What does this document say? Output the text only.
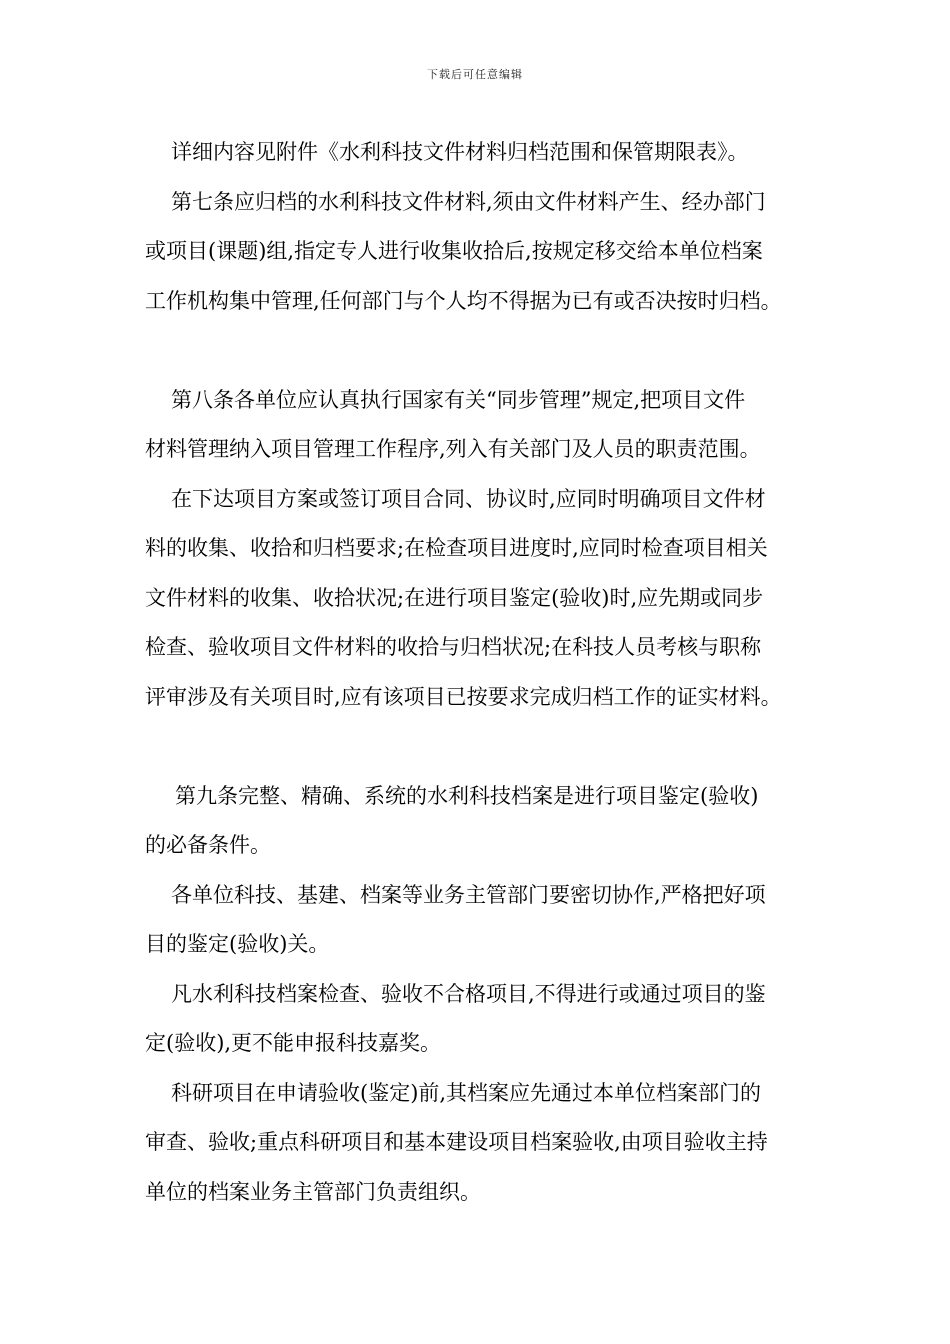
下载后可任意编辑
详细内容见附件《水利科技文件材料归档范围和保管期限表》。
第七条应归档的水利科技文件材料,须由文件材料产生、经办部门
或项目(课题)组,指定专人进行收集收拾后,按规定移交给本单位档案
工作机构集中管理,任何部门与个人均不得据为已有或否决按时归档。
第八条各单位应认真执行国家有关“同步管理”规定,把项目文件
材料管理纳入项目管理工作程序,列入有关部门及人员的职责范围。
在下达项目方案或签订项目合同、协议时,应同时明确项目文件材
料的收集、收拾和归档要求;在检查项目进度时,应同时检查项目相关
文件材料的收集、收拾状况;在进行项目鉴定(验收)时,应先期或同步
检查、验收项目文件材料的收拾与归档状况;在科技人员考核与职称
评审涉及有关项目时,应有该项目已按要求完成归档工作的证实材料。
第九条完整、精确、系统的水利科技档案是进行项目鉴定(验收)
的必备条件。
各单位科技、基建、档案等业务主管部门要密切协作,严格把好项
目的鉴定(验收)关。
凡水利科技档案检查、验收不合格项目,不得进行或通过项目的鉴
定(验收),更不能申报科技嘉奖。
科研项目在申请验收(鉴定)前,其档案应先通过本单位档案部门的
审查、验收;重点科研项目和基本建设项目档案验收,由项目验收主持
单位的档案业务主管部门负责组织。
